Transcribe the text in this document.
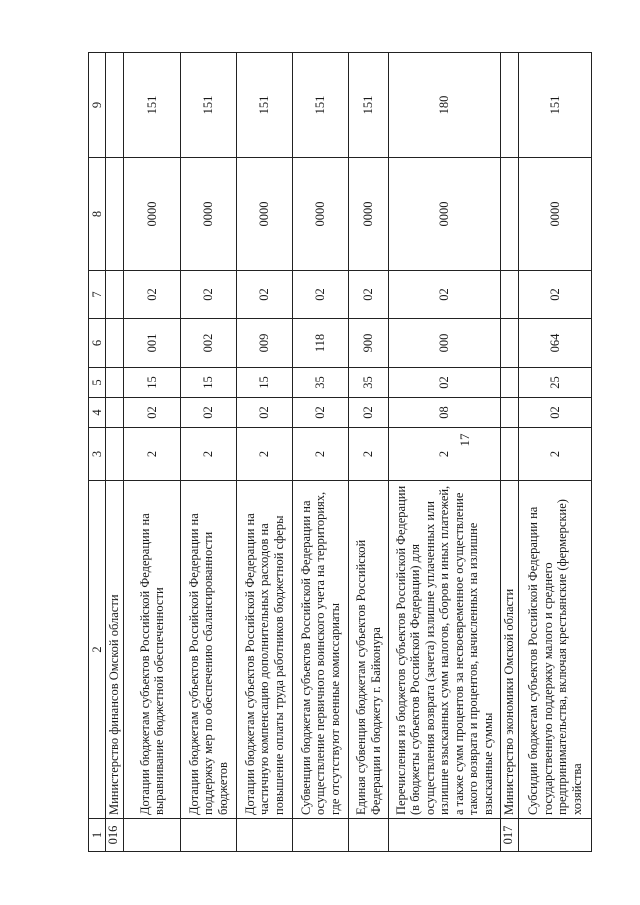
17
1	2	3	4	5	6	7	8	9
016	Министерство финансов Омской области							
	Дотации бюджетам субъектов Российской Федерации на выравнивание бюджетной обеспеченности	2	02	15	001	02	0000	151
	Дотации бюджетам субъектов Российской Федерации на поддержку мер по обеспечению сбалансированности бюджетов	2	02	15	002	02	0000	151
	Дотации бюджетам субъектов Российской Федерации на частичную компенсацию дополнительных расходов на повышение оплаты труда работников бюджетной сферы	2	02	15	009	02	0000	151
	Субвенции бюджетам субъектов Российской Федерации на осуществление первичного воинского учета на территориях, где отсутствуют военные комиссариаты	2	02	35	118	02	0000	151
	Единая субвенция бюджетам субъектов Российской Федерации и бюджету г. Байконура	2	02	35	900	02	0000	151
	Перечисления из бюджетов субъектов Российской Федерации (в бюджеты субъектов Российской Федерации) для осуществления возврата (зачета) излишне уплаченных или излишне взысканных сумм налогов, сборов и иных платежей, а также сумм процентов за несвоевременное осуществление такого возврата и процентов, начисленных на излишне взысканные суммы	2	08	02	000	02	0000	180
017	Министерство экономики Омской области							
	Субсидии бюджетам субъектов Российской Федерации на государственную поддержку малого и среднего предпринимательства, включая крестьянские (фермерские) хозяйства	2	02	25	064	02	0000	151
